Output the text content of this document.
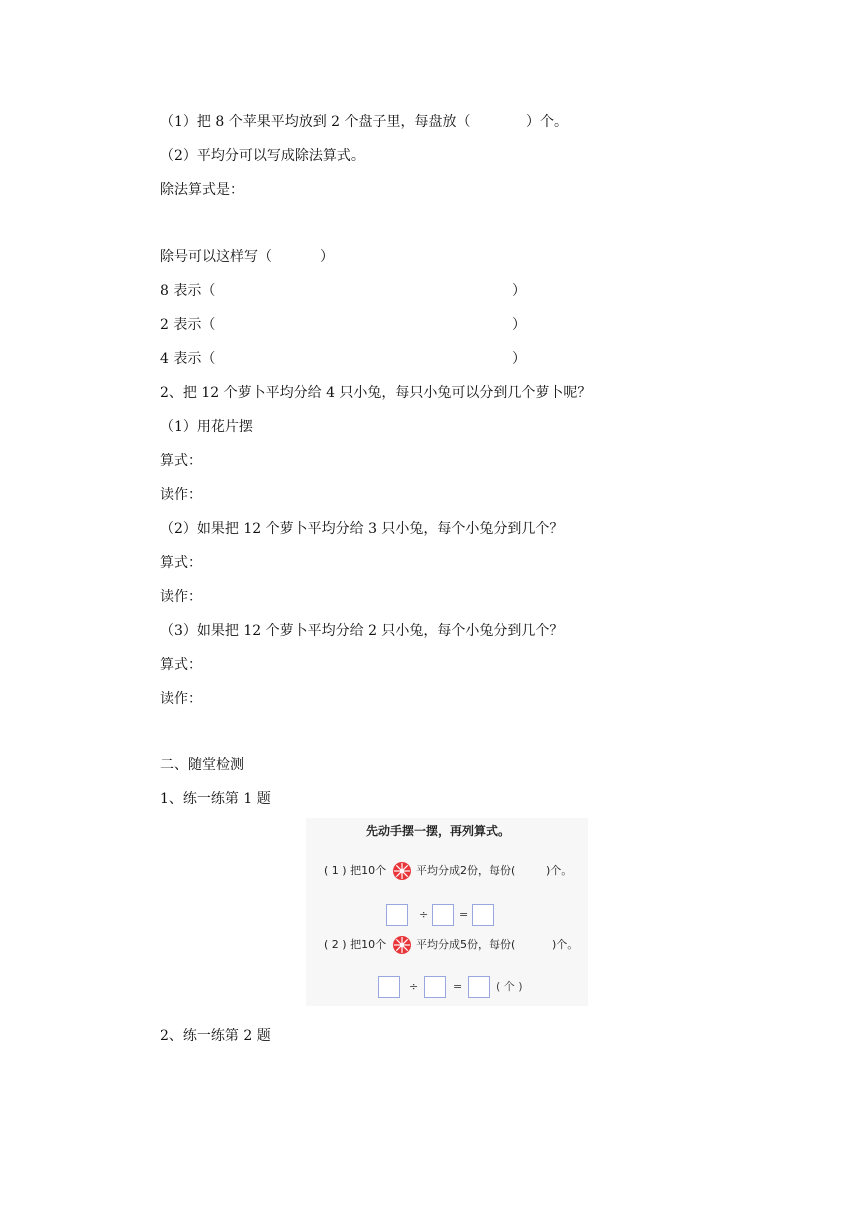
（1）把 8 个苹果平均放到 2 个盘子里，每盘放（	）个。
（2）平均分可以写成除法算式。
除法算式是：
除号可以这样写（	）
8 表示（	）
2 表示（	）
4 表示（	）
2、把 12 个萝卜平均分给 4 只小兔，每只小兔可以分到几个萝卜呢？
（1）用花片摆
算式：
读作：
（2）如果把 12 个萝卜平均分给 3 只小兔，每个小兔分到几个？
算式：
读作：
（3）如果把 12 个萝卜平均分给 2 只小兔，每个小兔分到几个？
算式：
读作：
二、随堂检测
1、练一练第 1 题
先动手摆一摆，再列算式。
( 1 ) 把10个	平均分成2份，每份(	)个。
÷	=
( 2 ) 把10个	平均分成5份，每份(	)个。
÷	=	( 个 )
2、练一练第 2 题
